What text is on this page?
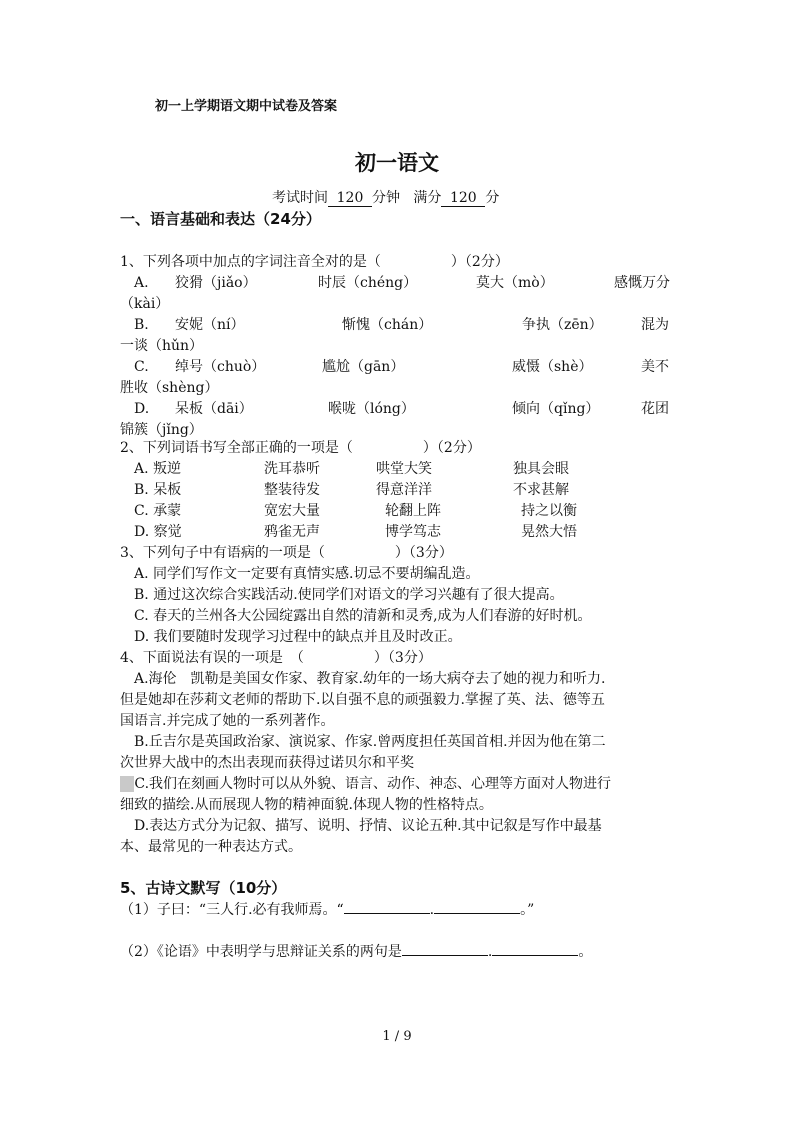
初一上学期语文期中试卷及答案
初一语文
考试时间 120 分钟 满分 120 分
一、语言基础和表达（24分）
1、下列各项中加点的字词注音全对的是（　　　　　）（2分）
A. 狡猾（jiǎo）	时辰（chéng）	莫大（mò）	感慨万分
（kài）
B. 安妮（ní）	惭愧（chán）	争执（zēn）	混为
一谈（hǔn）
C. 绰号（chuò）	尴尬（gān）	威慑（shè）	美不
胜收（shèng）
D. 呆板（dāi）	喉咙（lóng）	倾向（qǐng）	花团
锦簇（jǐng）
2、下列词语书写全部正确的一项是（　　　　　）（2分）
A. 叛逆	洗耳恭听	哄堂大笑	独具会眼
B. 呆板	整装待发	得意洋洋	不求甚解
C. 承蒙	宽宏大量	轮翻上阵	持之以衡
D. 察觉	鸦雀无声	博学笃志	晃然大悟
3、下列句子中有语病的一项是（　　　　　）（3分）
A. 同学们写作文一定要有真情实感.切忌不要胡编乱造。
B. 通过这次综合实践活动.使同学们对语文的学习兴趣有了很大提高。
C. 春天的兰州各大公园绽露出自然的清新和灵秀,成为人们春游的好时机。
D. 我们要随时发现学习过程中的缺点并且及时改正。
4、下面说法有误的一项是　（　　　　　）（3分）
A.海伦　凯勒是美国女作家、教育家.幼年的一场大病夺去了她的视力和听力.
但是她却在莎莉文老师的帮助下.以自强不息的顽强毅力.掌握了英、法、德等五
国语言.并完成了她的一系列著作。
B.丘吉尔是英国政治家、演说家、作家.曾两度担任英国首相.并因为他在第二
次世界大战中的杰出表现而获得过诺贝尔和平奖
C.我们在刻画人物时可以从外貌、语言、动作、神态、心理等方面对人物进行
细致的描绘.从而展现人物的精神面貌.体现人物的性格特点。
D.表达方式分为记叙、描写、说明、抒情、议论五种.其中记叙是写作中最基
本、最常见的一种表达方式。
5、古诗文默写（10分）
（1）子曰：“三人行.必有我师焉。“	.	。”
（2）《论语》中表明学与思辩证关系的两句是	.	。
1 / 9
